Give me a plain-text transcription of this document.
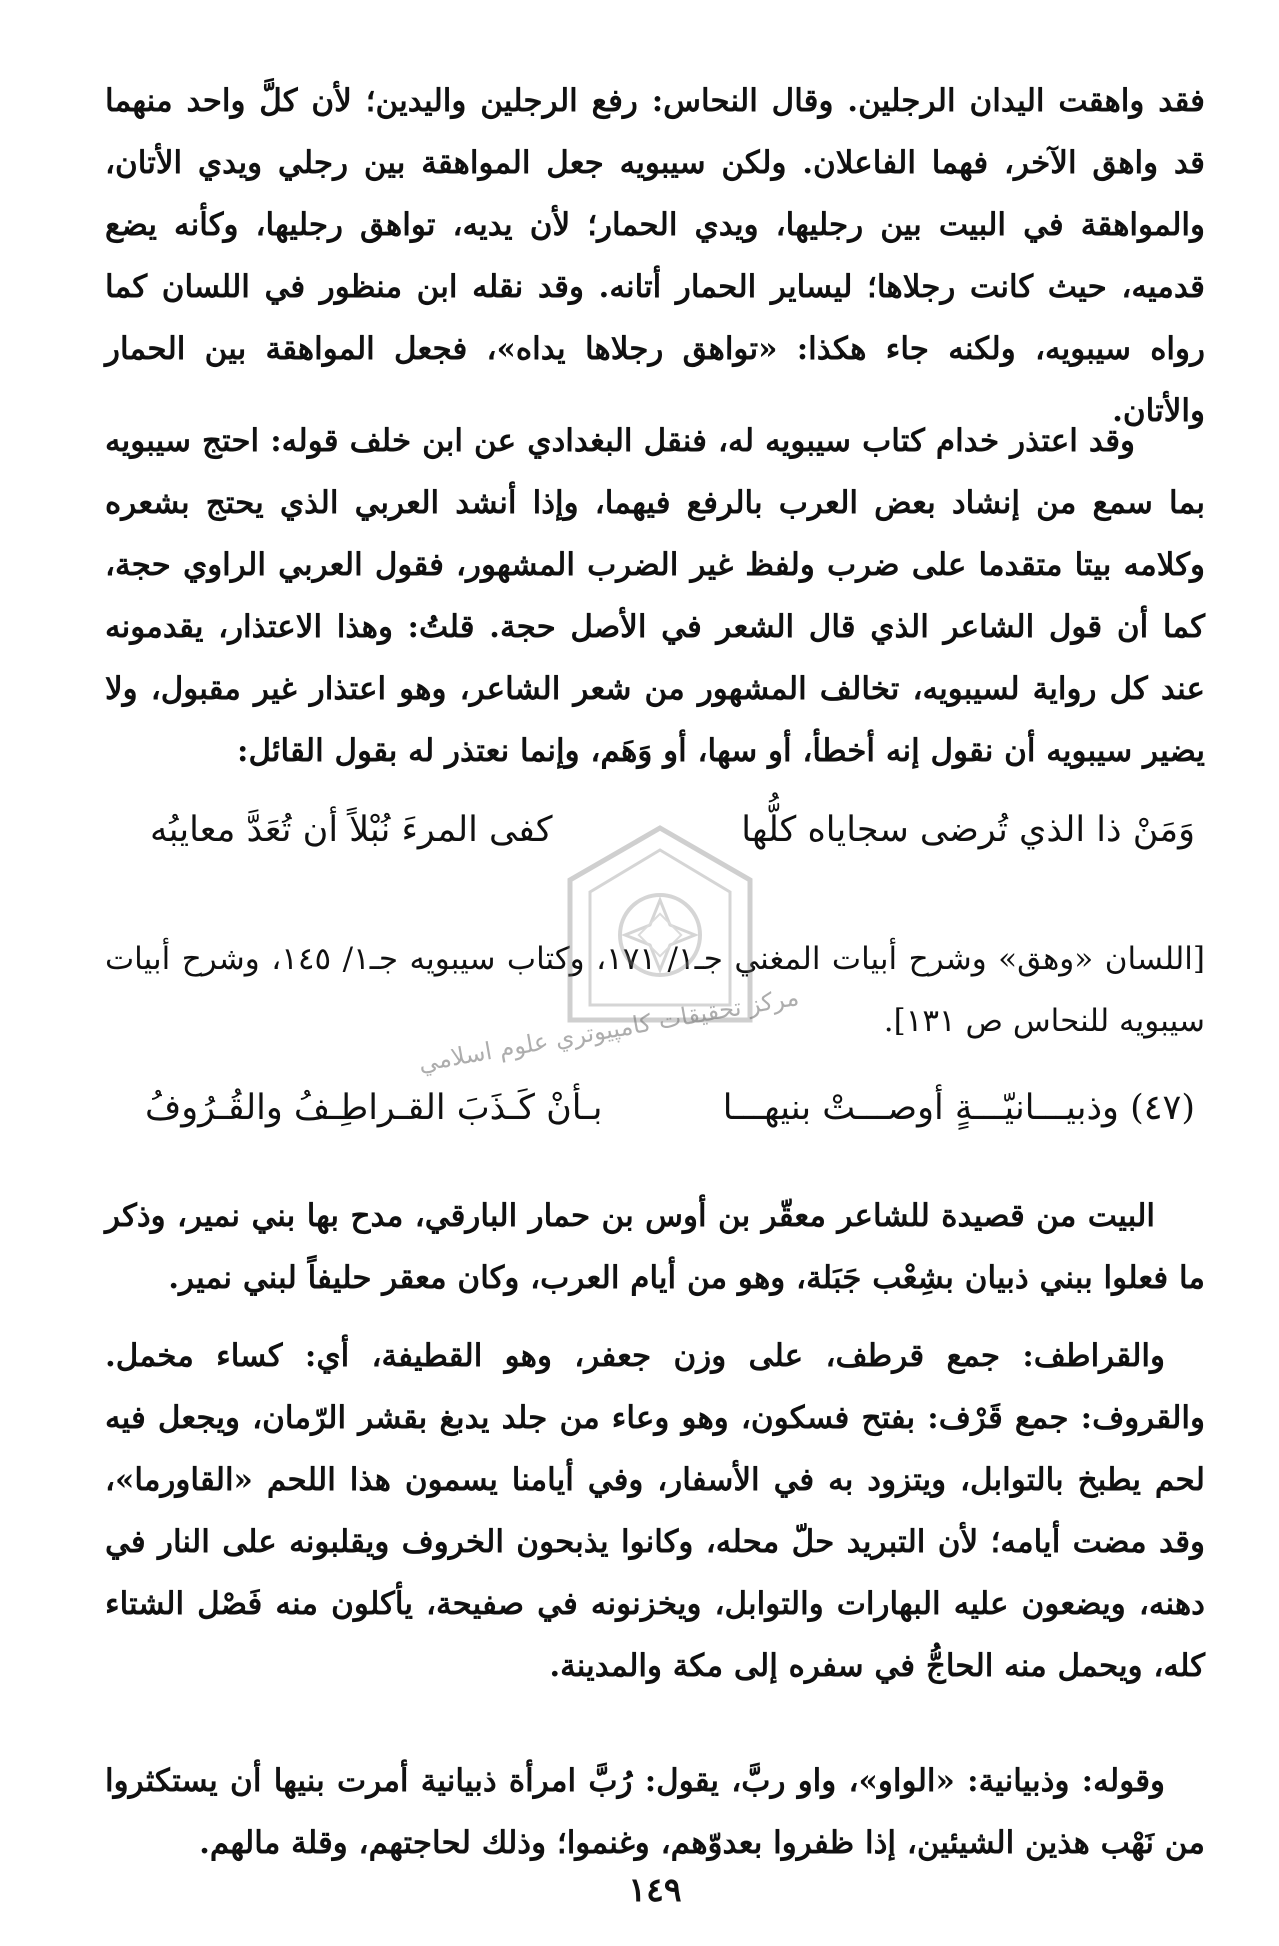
فقد واهقت اليدان الرجلين. وقال النحاس: رفع الرجلين واليدين؛ لأن كلَّ واحد منهما قد واهق الآخر، فهما الفاعلان. ولكن سيبويه جعل المواهقة بين رجلي ويدي الأتان، والمواهقة في البيت بين رجليها، ويدي الحمار؛ لأن يديه، تواهق رجليها، وكأنه يضع قدميه، حيث كانت رجلاها؛ ليساير الحمار أتانه. وقد نقله ابن منظور في اللسان كما رواه سيبويه، ولكنه جاء هكذا: «تواهق رجلاها يداه»، فجعل المواهقة بين الحمار والأتان.

وقد اعتذر خدام كتاب سيبويه له، فنقل البغدادي عن ابن خلف قوله: احتج سيبويه بما سمع من إنشاد بعض العرب بالرفع فيهما، وإذا أنشد العربي الذي يحتج بشعره وكلامه بيتا متقدما على ضرب ولفظ غير الضرب المشهور، فقول العربي الراوي حجة، كما أن قول الشاعر الذي قال الشعر في الأصل حجة. قلتُ: وهذا الاعتذار، يقدمونه عند كل رواية لسيبويه، تخالف المشهور من شعر الشاعر، وهو اعتذار غير مقبول، ولا يضير سيبويه أن نقول إنه أخطأ، أو سها، أو وَهَم، وإنما نعتذر له بقول القائل:

وَمَنْ ذا الذي تُرضى سجاياه كلُّها
كفى المرءَ نُبْلاً أن تُعَدَّ معايبُه

[اللسان «وهق» وشرح أبيات المغني جـ١/ ١٧١، وكتاب سيبويه جـ١/ ١٤٥، وشرح أبيات سيبويه للنحاس ص ١٣١].

(٤٧) وذبيـــانيّـــةٍ أوصـــتْ بنيهـــا
بـأنْ كَـذَبَ القـراطِـفُ والقُـرُوفُ

البيت من قصيدة للشاعر معقّر بن أوس بن حمار البارقي، مدح بها بني نمير، وذكر ما فعلوا ببني ذبيان بشِعْب جَبَلة، وهو من أيام العرب، وكان معقر حليفاً لبني نمير.

والقراطف: جمع قرطف، على وزن جعفر، وهو القطيفة، أي: كساء مخمل. والقروف: جمع قَرْف: بفتح فسكون، وهو وعاء من جلد يدبغ بقشر الرّمان، ويجعل فيه لحم يطبخ بالتوابل، ويتزود به في الأسفار، وفي أيامنا يسمون هذا اللحم «القاورما»، وقد مضت أيامه؛ لأن التبريد حلّ محله، وكانوا يذبحون الخروف ويقلبونه على النار في دهنه، ويضعون عليه البهارات والتوابل، ويخزنونه في صفيحة، يأكلون منه فَصْل الشتاء كله، ويحمل منه الحاجُّ في سفره إلى مكة والمدينة.

وقوله: وذبيانية: «الواو»، واو ربَّ، يقول: رُبَّ امرأة ذبيانية أمرت بنيها أن يستكثروا من نَهْب هذين الشيئين، إذا ظفروا بعدوّهم، وغنموا؛ وذلك لحاجتهم، وقلة مالهم.

١٤٩
مركز تحقيقات كامپيوتري علوم اسلامي
